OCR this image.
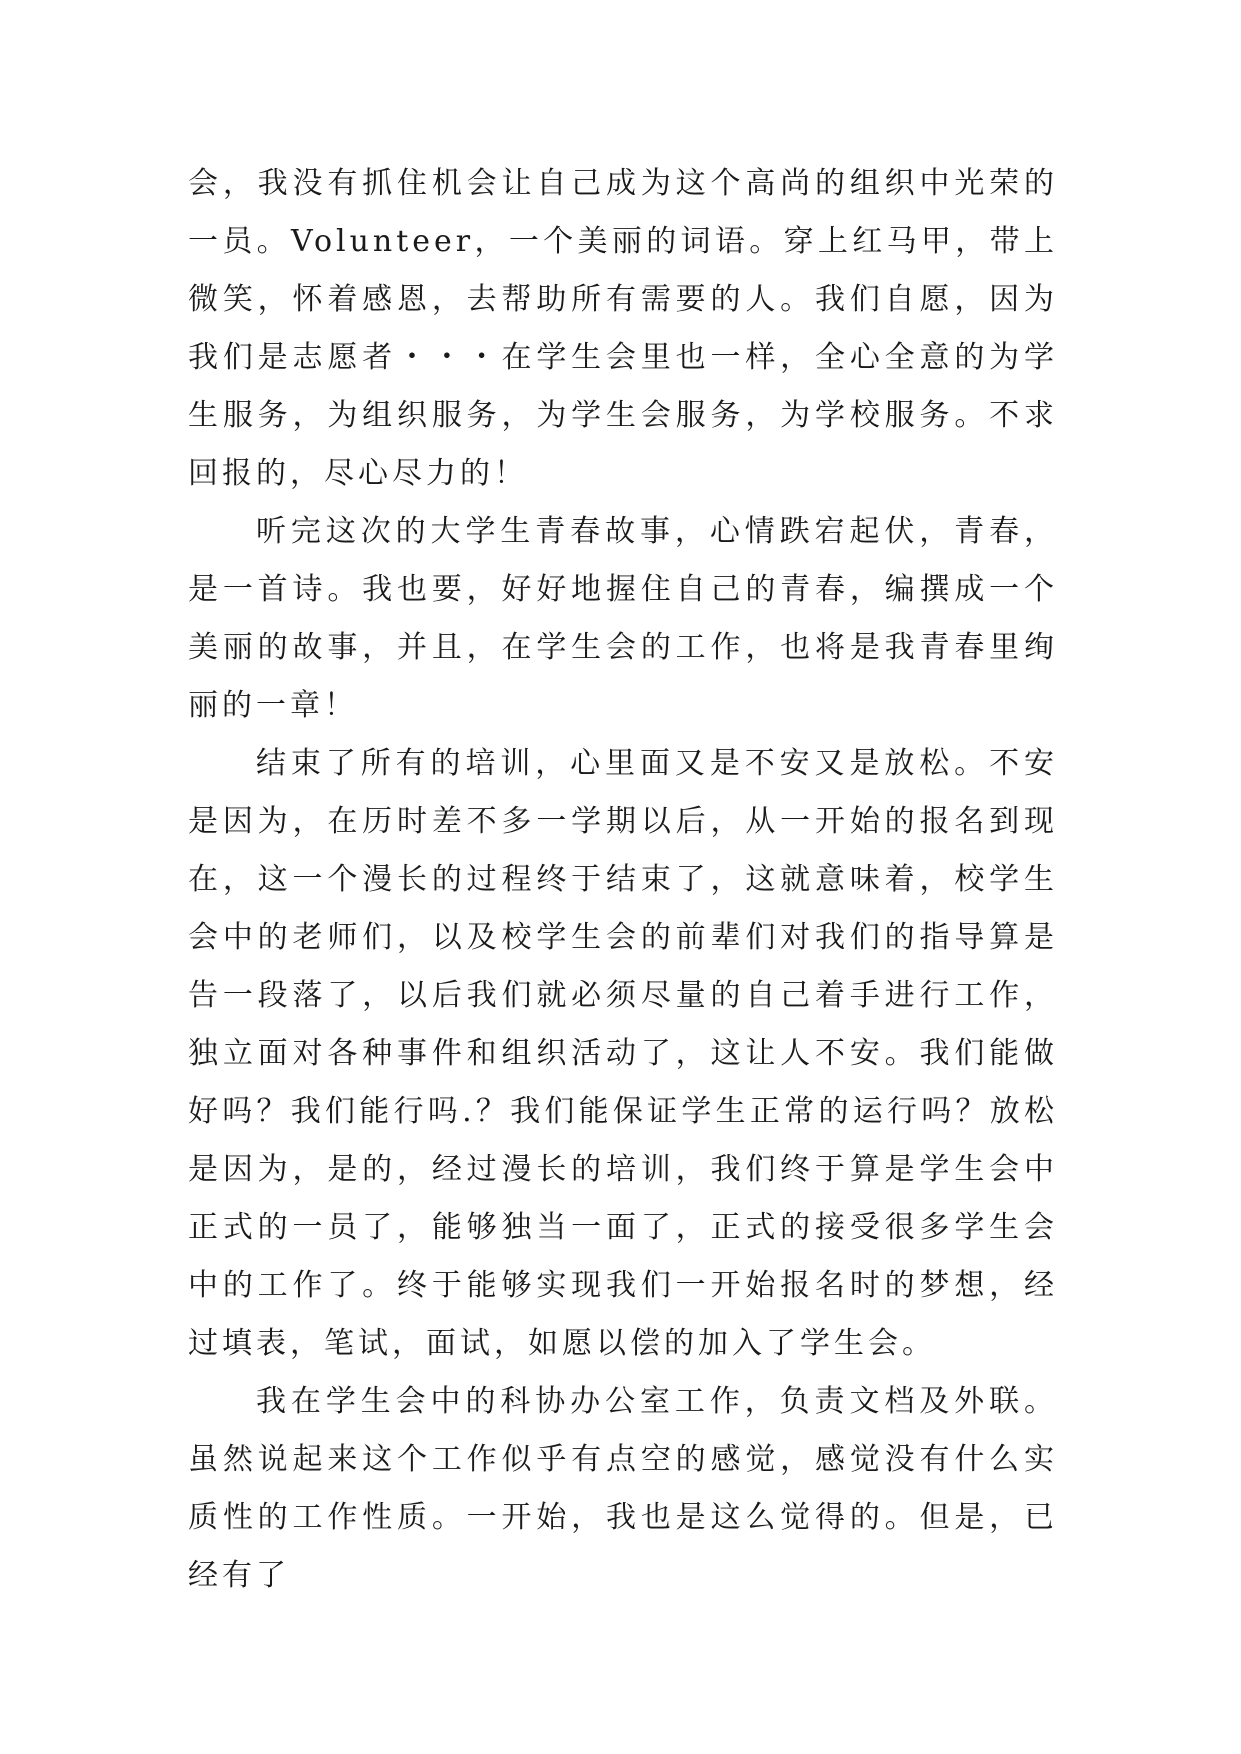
会，我没有抓住机会让自己成为这个高尚的组织中光荣的一员。Volunteer，一个美丽的词语。穿上红马甲，带上微笑，怀着感恩，去帮助所有需要的人。我们自愿，因为我们是志愿者・・・在学生会里也一样，全心全意的为学生服务，为组织服务，为学生会服务，为学校服务。不求回报的，尽心尽力的！

听完这次的大学生青春故事，心情跌宕起伏，青春，是一首诗。我也要，好好地握住自己的青春，编撰成一个美丽的故事，并且，在学生会的工作，也将是我青春里绚丽的一章！

结束了所有的培训，心里面又是不安又是放松。不安是因为，在历时差不多一学期以后，从一开始的报名到现在，这一个漫长的过程终于结束了，这就意味着，校学生会中的老师们，以及校学生会的前辈们对我们的指导算是告一段落了，以后我们就必须尽量的自己着手进行工作，独立面对各种事件和组织活动了，这让人不安。我们能做好吗？我们能行吗.？我们能保证学生正常的运行吗？放松是因为，是的，经过漫长的培训，我们终于算是学生会中正式的一员了，能够独当一面了，正式的接受很多学生会中的工作了。终于能够实现我们一开始报名时的梦想，经过填表，笔试，面试，如愿以偿的加入了学生会。

我在学生会中的科协办公室工作，负责文档及外联。虽然说起来这个工作似乎有点空的感觉，感觉没有什么实质性的工作性质。一开始，我也是这么觉得的。但是，已经有了
